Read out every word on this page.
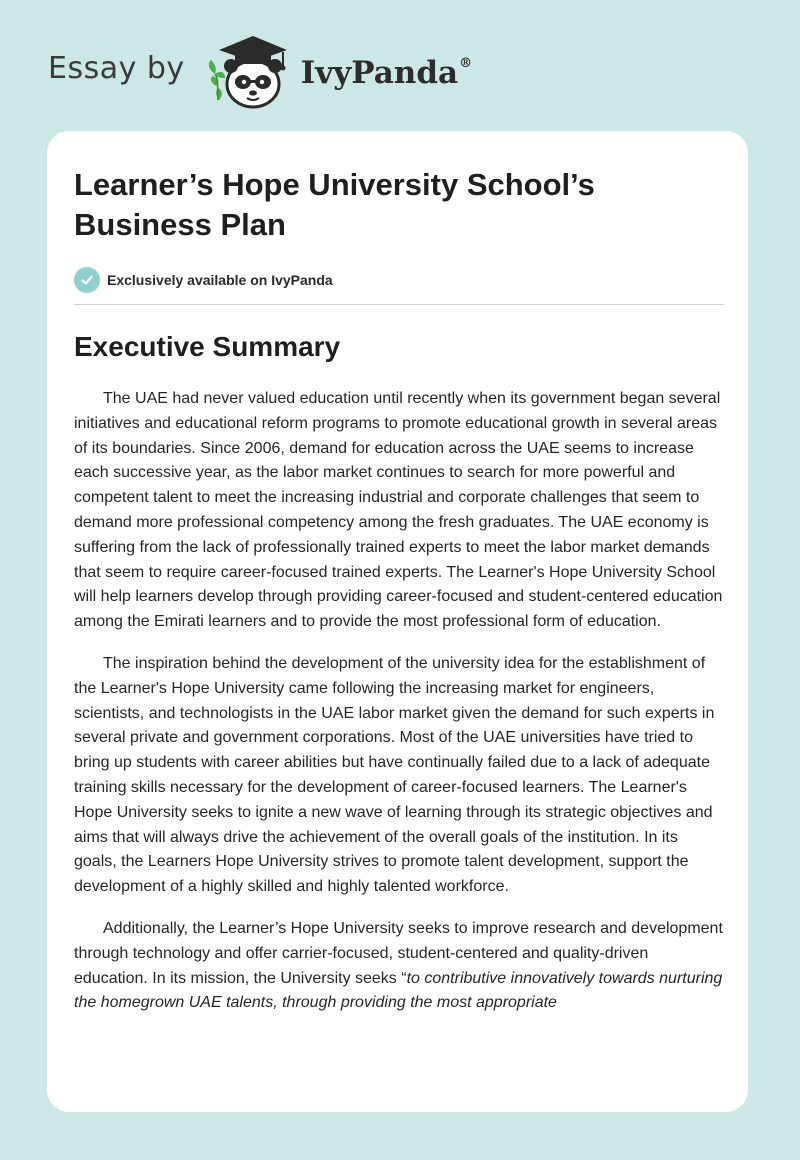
Essay by	IvyPanda®
Learner’s Hope University School’s Business Plan
Exclusively available on IvyPanda
Executive Summary

The UAE had never valued education until recently when its government began several initiatives and educational reform programs to promote educational growth in several areas of its boundaries. Since 2006, demand for education across the UAE seems to increase each successive year, as the labor market continues to search for more powerful and competent talent to meet the increasing industrial and corporate challenges that seem to demand more professional competency among the fresh graduates. The UAE economy is suffering from the lack of professionally trained experts to meet the labor market demands that seem to require career-focused trained experts. The Learner's Hope University School will help learners develop through providing career-focused and student-centered education among the Emirati learners and to provide the most professional form of education.

The inspiration behind the development of the university idea for the establishment of the Learner's Hope University came following the increasing market for engineers, scientists, and technologists in the UAE labor market given the demand for such experts in several private and government corporations. Most of the UAE universities have tried to bring up students with career abilities but have continually failed due to a lack of adequate training skills necessary for the development of career-focused learners. The Learner's Hope University seeks to ignite a new wave of learning through its strategic objectives and aims that will always drive the achievement of the overall goals of the institution. In its goals, the Learners Hope University strives to promote talent development, support the development of a highly skilled and highly talented workforce.

Additionally, the Learner’s Hope University seeks to improve research and development through technology and offer carrier-focused, student-centered and quality-driven education. In its mission, the University seeks “to contributive innovatively towards nurturing the homegrown UAE talents, through providing the most appropriate
